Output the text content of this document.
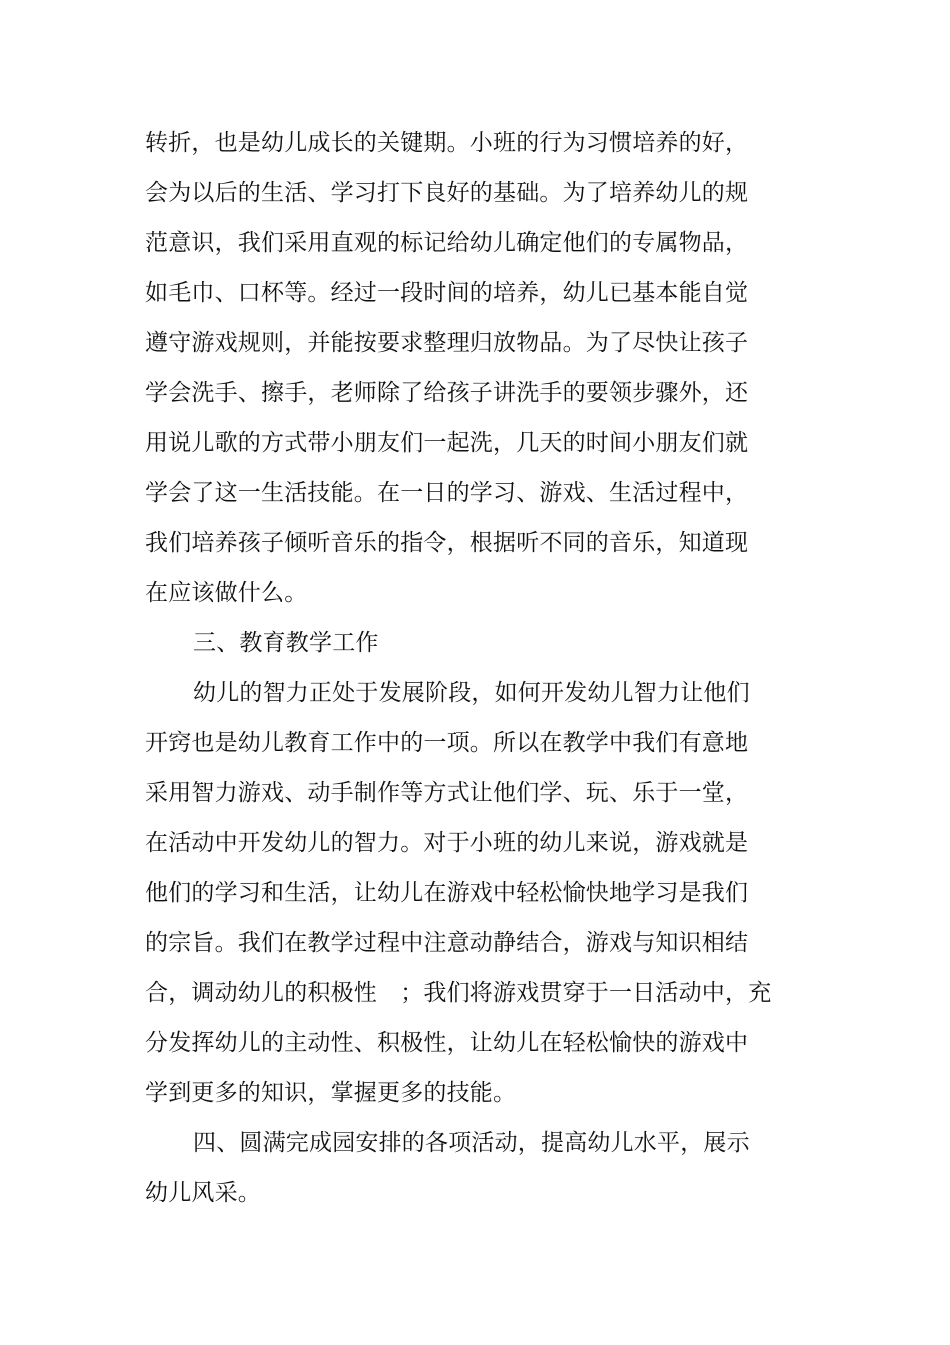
转折，也是幼儿成长的关键期。小班的行为习惯培养的好，
会为以后的生活、学习打下良好的基础。为了培养幼儿的规
范意识，我们采用直观的标记给幼儿确定他们的专属物品，
如毛巾、口杯等。经过一段时间的培养，幼儿已基本能自觉
遵守游戏规则，并能按要求整理归放物品。为了尽快让孩子
学会洗手、擦手，老师除了给孩子讲洗手的要领步骤外，还
用说儿歌的方式带小朋友们一起洗，几天的时间小朋友们就
学会了这一生活技能。在一日的学习、游戏、生活过程中，
我们培养孩子倾听音乐的指令，根据听不同的音乐，知道现
在应该做什么。
三、教育教学工作
幼儿的智力正处于发展阶段，如何开发幼儿智力让他们
开窍也是幼儿教育工作中的一项。所以在教学中我们有意地
采用智力游戏、动手制作等方式让他们学、玩、乐于一堂，
在活动中开发幼儿的智力。对于小班的幼儿来说，游戏就是
他们的学习和生活，让幼儿在游戏中轻松愉快地学习是我们
的宗旨。我们在教学过程中注意动静结合，游戏与知识相结
合，调动幼儿的积极性　；我们将游戏贯穿于一日活动中，充
分发挥幼儿的主动性、积极性，让幼儿在轻松愉快的游戏中
学到更多的知识，掌握更多的技能。
四、圆满完成园安排的各项活动，提高幼儿水平，展示
幼儿风采。
